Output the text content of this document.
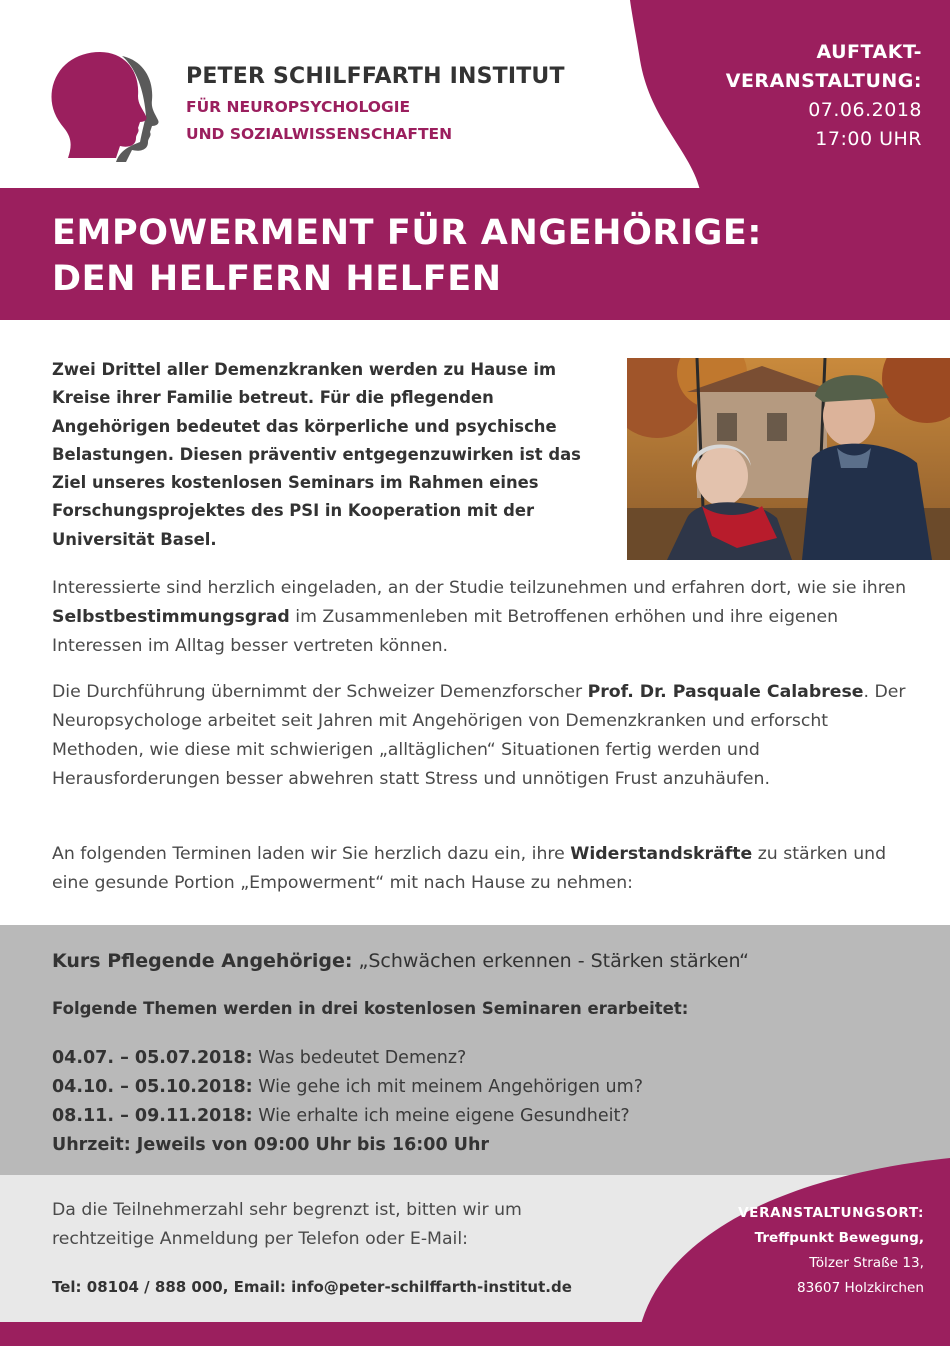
PETER SCHILFFARTH INSTITUT
FÜR NEUROPSYCHOLOGIE
UND SOZIALWISSENSCHAFTEN
AUFTAKT-
VERANSTALTUNG:
07.06.2018
17:00 UHR
EMPOWERMENT FÜR ANGEHÖRIGE:
DEN HELFERN HELFEN

Zwei Drittel aller Demenzkranken werden zu Hause im Kreise ihrer Familie betreut. Für die pflegenden Angehörigen bedeutet das körperliche und psychische Belastungen. Diesen präventiv entgegenzuwirken ist das Ziel unseres kostenlosen Seminars im Rahmen eines Forschungsprojektes des PSI in Kooperation mit der Universität Basel.

Interessierte sind herzlich eingeladen, an der Studie teilzunehmen und erfahren dort, wie sie ihren Selbstbestimmungsgrad im Zusammenleben mit Betroffenen erhöhen und ihre eigenen Interessen im Alltag besser vertreten können.

Die Durchführung übernimmt der Schweizer Demenzforscher Prof. Dr. Pasquale Calabrese. Der Neuropsychologe arbeitet seit Jahren mit Angehörigen von Demenzkranken und erforscht Methoden, wie diese mit schwierigen „alltäglichen“ Situationen fertig werden und Herausforderungen besser abwehren statt Stress und unnötigen Frust anzuhäufen.

An folgenden Terminen laden wir Sie herzlich dazu ein, ihre Widerstandskräfte zu stärken und eine gesunde Portion „Empowerment“ mit nach Hause zu nehmen:

Kurs Pflegende Angehörige: „Schwächen erkennen - Stärken stärken“
Folgende Themen werden in drei kostenlosen Seminaren erarbeitet:
04.07. – 05.07.2018: Was bedeutet Demenz?
04.10. – 05.10.2018: Wie gehe ich mit meinem Angehörigen um?
08.11. – 09.11.2018: Wie erhalte ich meine eigene Gesundheit?
Uhrzeit: Jeweils von 09:00 Uhr bis 16:00 Uhr

Da die Teilnehmerzahl sehr begrenzt ist, bitten wir um rechtzeitige Anmeldung per Telefon oder E-Mail:

Tel: 08104 / 888 000, Email: info@peter-schilffarth-institut.de
VERANSTALTUNGSORT:
Treffpunkt Bewegung,
Tölzer Straße 13,
83607 Holzkirchen
